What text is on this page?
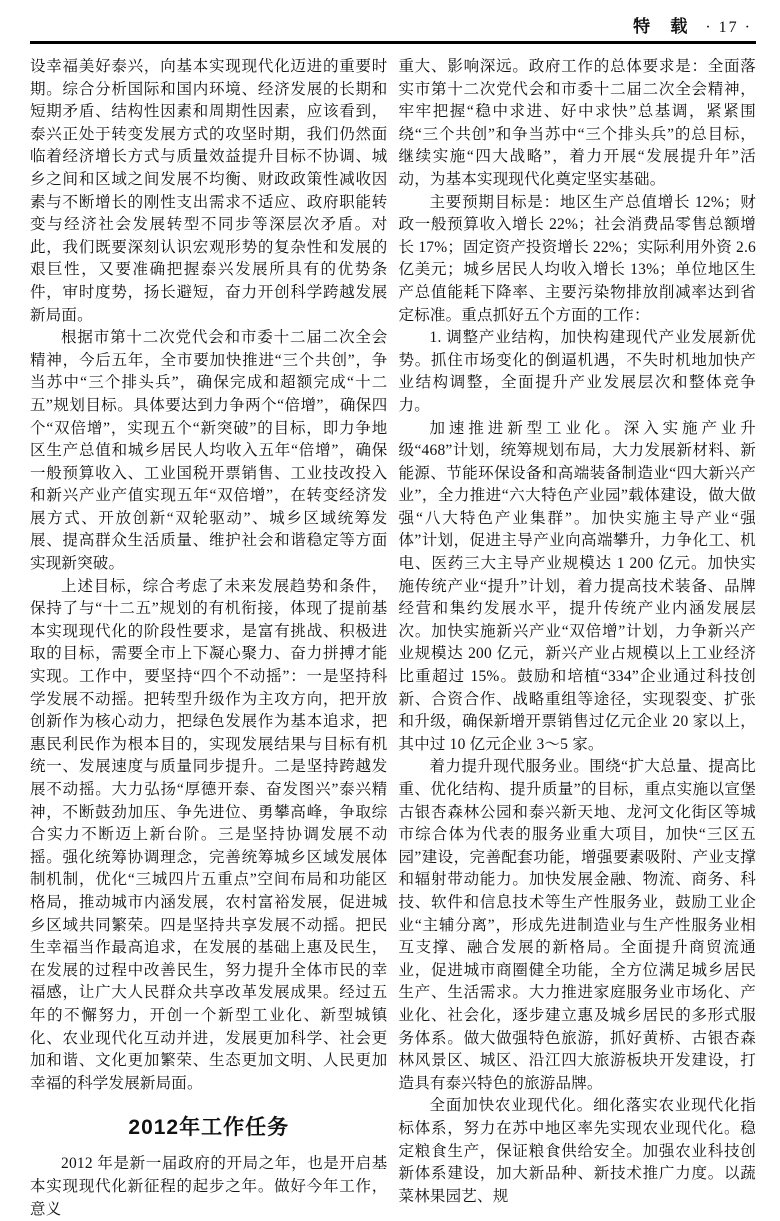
特 载 · 17 ·

设幸福美好泰兴，向基本实现现代化迈进的重要时期。综合分析国际和国内环境、经济发展的长期和短期矛盾、结构性因素和周期性因素，应该看到，泰兴正处于转变发展方式的攻坚时期，我们仍然面临着经济增长方式与质量效益提升目标不协调、城乡之间和区域之间发展不均衡、财政政策性减收因素与不断增长的刚性支出需求不适应、政府职能转变与经济社会发展转型不同步等深层次矛盾。对此，我们既要深刻认识宏观形势的复杂性和发展的艰巨性，又要准确把握泰兴发展所具有的优势条件，审时度势，扬长避短，奋力开创科学跨越发展新局面。

根据市第十二次党代会和市委十二届二次全会精神，今后五年，全市要加快推进“三个共创”，争当苏中“三个排头兵”，确保完成和超额完成“十二五”规划目标。具体要达到力争两个“倍增”，确保四个“双倍增”，实现五个“新突破”的目标，即力争地区生产总值和城乡居民人均收入五年“倍增”，确保一般预算收入、工业国税开票销售、工业技改投入和新兴产业产值实现五年“双倍增”，在转变经济发展方式、开放创新“双轮驱动”、城乡区域统筹发展、提高群众生活质量、维护社会和谐稳定等方面实现新突破。

上述目标，综合考虑了未来发展趋势和条件，保持了与“十二五”规划的有机衔接，体现了提前基本实现现代化的阶段性要求，是富有挑战、积极进取的目标，需要全市上下凝心聚力、奋力拼搏才能实现。工作中，要坚持“四个不动摇”：一是坚持科学发展不动摇。把转型升级作为主攻方向，把开放创新作为核心动力，把绿色发展作为基本追求，把惠民利民作为根本目的，实现发展结果与目标有机统一、发展速度与质量同步提升。二是坚持跨越发展不动摇。大力弘扬“厚德开泰、奋发图兴”泰兴精神，不断鼓劲加压、争先进位、勇攀高峰，争取综合实力不断迈上新台阶。三是坚持协调发展不动摇。强化统筹协调理念，完善统筹城乡区域发展体制机制，优化“三城四片五重点”空间布局和功能区格局，推动城市内涵发展，农村富裕发展，促进城乡区域共同繁荣。四是坚持共享发展不动摇。把民生幸福当作最高追求，在发展的基础上惠及民生，在发展的过程中改善民生，努力提升全体市民的幸福感，让广大人民群众共享改革发展成果。经过五年的不懈努力，开创一个新型工业化、新型城镇化、农业现代化互动并进，发展更加科学、社会更加和谐、文化更加繁荣、生态更加文明、人民更加幸福的科学发展新局面。

2012年工作任务

2012 年是新一届政府的开局之年，也是开启基本实现现代化新征程的起步之年。做好今年工作，意义

重大、影响深远。政府工作的总体要求是：全面落实市第十二次党代会和市委十二届二次全会精神，牢牢把握“稳中求进、好中求快”总基调，紧紧围绕“三个共创”和争当苏中“三个排头兵”的总目标，继续实施“四大战略”，着力开展“发展提升年”活动，为基本实现现代化奠定坚实基础。

主要预期目标是：地区生产总值增长 12%；财政一般预算收入增长 22%；社会消费品零售总额增长 17%；固定资产投资增长 22%；实际利用外资 2.6 亿美元；城乡居民人均收入增长 13%；单位地区生产总值能耗下降率、主要污染物排放削减率达到省定标准。重点抓好五个方面的工作：

1. 调整产业结构，加快构建现代产业发展新优势。抓住市场变化的倒逼机遇，不失时机地加快产业结构调整，全面提升产业发展层次和整体竞争力。

加速推进新型工业化。深入实施产业升级“468”计划，统筹规划布局，大力发展新材料、新能源、节能环保设备和高端装备制造业“四大新兴产业”，全力推进“六大特色产业园”载体建设，做大做强“八大特色产业集群”。加快实施主导产业“强体”计划，促进主导产业向高端攀升，力争化工、机电、医药三大主导产业规模达 1 200 亿元。加快实施传统产业“提升”计划，着力提高技术装备、品牌经营和集约发展水平，提升传统产业内涵发展层次。加快实施新兴产业“双倍增”计划，力争新兴产业规模达 200 亿元，新兴产业占规模以上工业经济比重超过 15%。鼓励和培植“334”企业通过科技创新、合资合作、战略重组等途径，实现裂变、扩张和升级，确保新增开票销售过亿元企业 20 家以上，其中过 10 亿元企业 3～5 家。

着力提升现代服务业。围绕“扩大总量、提高比重、优化结构、提升质量”的目标，重点实施以宣堡古银杏森林公园和泰兴新天地、龙河文化街区等城市综合体为代表的服务业重大项目，加快“三区五园”建设，完善配套功能，增强要素吸附、产业支撑和辐射带动能力。加快发展金融、物流、商务、科技、软件和信息技术等生产性服务业，鼓励工业企业“主辅分离”，形成先进制造业与生产性服务业相互支撑、融合发展的新格局。全面提升商贸流通业，促进城市商圈健全功能，全方位满足城乡居民生产、生活需求。大力推进家庭服务业市场化、产业化、社会化，逐步建立惠及城乡居民的多形式服务体系。做大做强特色旅游，抓好黄桥、古银杏森林风景区、城区、沿江四大旅游板块开发建设，打造具有泰兴特色的旅游品牌。

全面加快农业现代化。细化落实农业现代化指标体系，努力在苏中地区率先实现农业现代化。稳定粮食生产，保证粮食供给安全。加强农业科技创新体系建设，加大新品种、新技术推广力度。以蔬菜林果园艺、规
